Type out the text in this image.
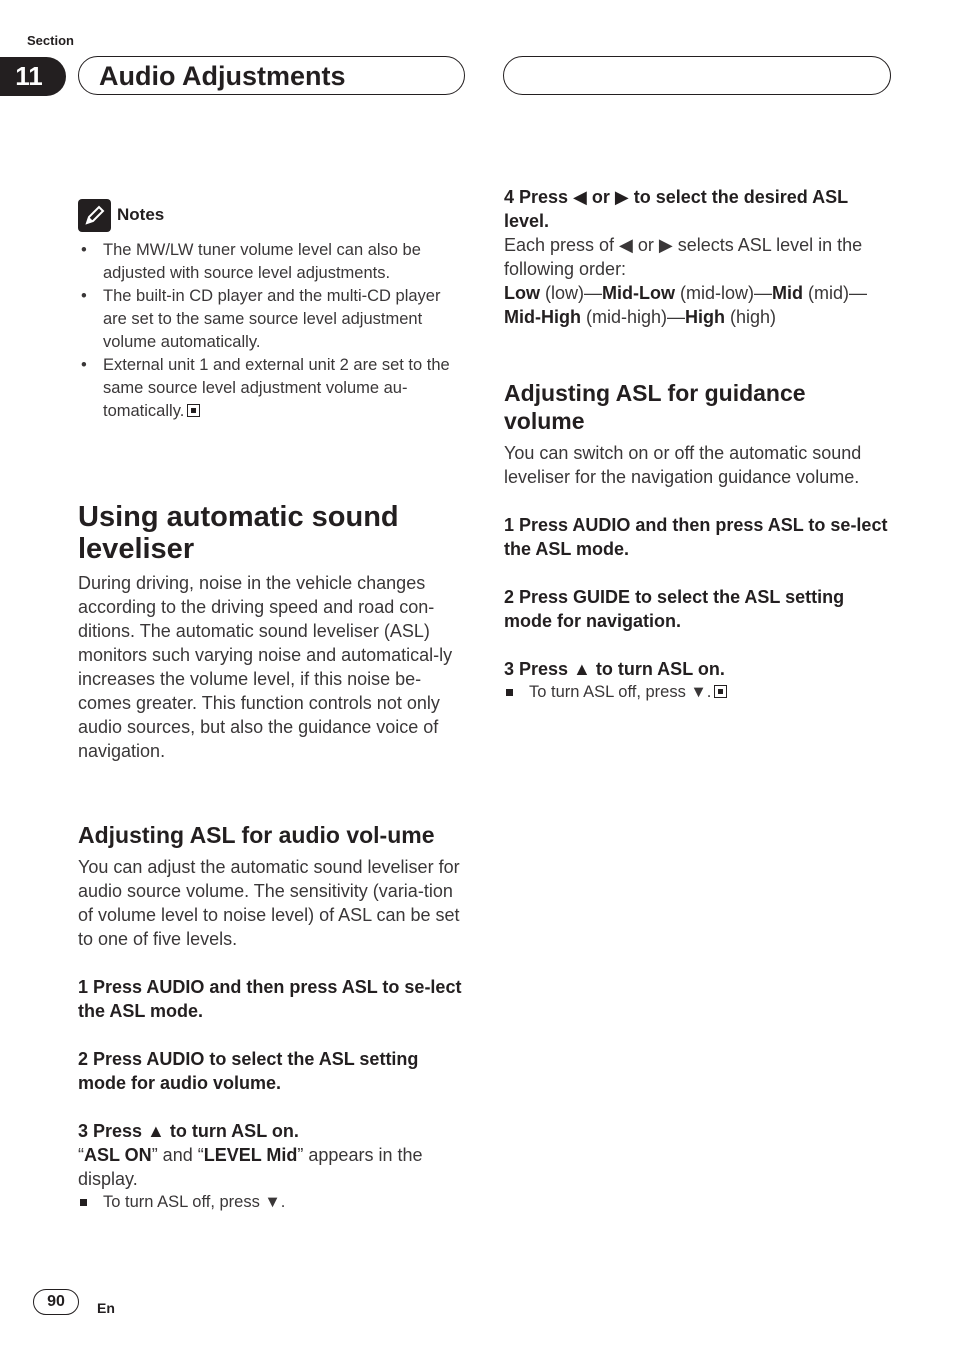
Section
11	Audio Adjustments
Notes
• The MW/LW tuner volume level can also be adjusted with source level adjustments.
• The built-in CD player and the multi-CD player are set to the same source level adjustment volume automatically.
• External unit 1 and external unit 2 are set to the same source level adjustment volume au-tomatically.
Using automatic sound leveliser

During driving, noise in the vehicle changes according to the driving speed and road con-ditions. The automatic sound leveliser (ASL) monitors such varying noise and automatical-ly increases the volume level, if this noise be-comes greater. This function controls not only audio sources, but also the guidance voice of navigation.

Adjusting ASL for audio vol-ume

You can adjust the automatic sound leveliser for audio source volume. The sensitivity (varia-tion of volume level to noise level) of ASL can be set to one of five levels.

1 Press AUDIO and then press ASL to se-lect the ASL mode.

2 Press AUDIO to select the ASL setting mode for audio volume.

3 Press ▲ to turn ASL on.

“ASL ON” and “LEVEL Mid” appears in the display.

To turn ASL off, press ▼.

4 Press ◀ or ▶ to select the desired ASL level.

Each press of ◀ or ▶ selects ASL level in the following order:

Low (low)—Mid-Low (mid-low)—Mid (mid)—Mid-High (mid-high)—High (high)

Adjusting ASL for guidance volume

You can switch on or off the automatic sound leveliser for the navigation guidance volume.

1 Press AUDIO and then press ASL to se-lect the ASL mode.

2 Press GUIDE to select the ASL setting mode for navigation.

3 Press ▲ to turn ASL on.

To turn ASL off, press ▼.

90	En
